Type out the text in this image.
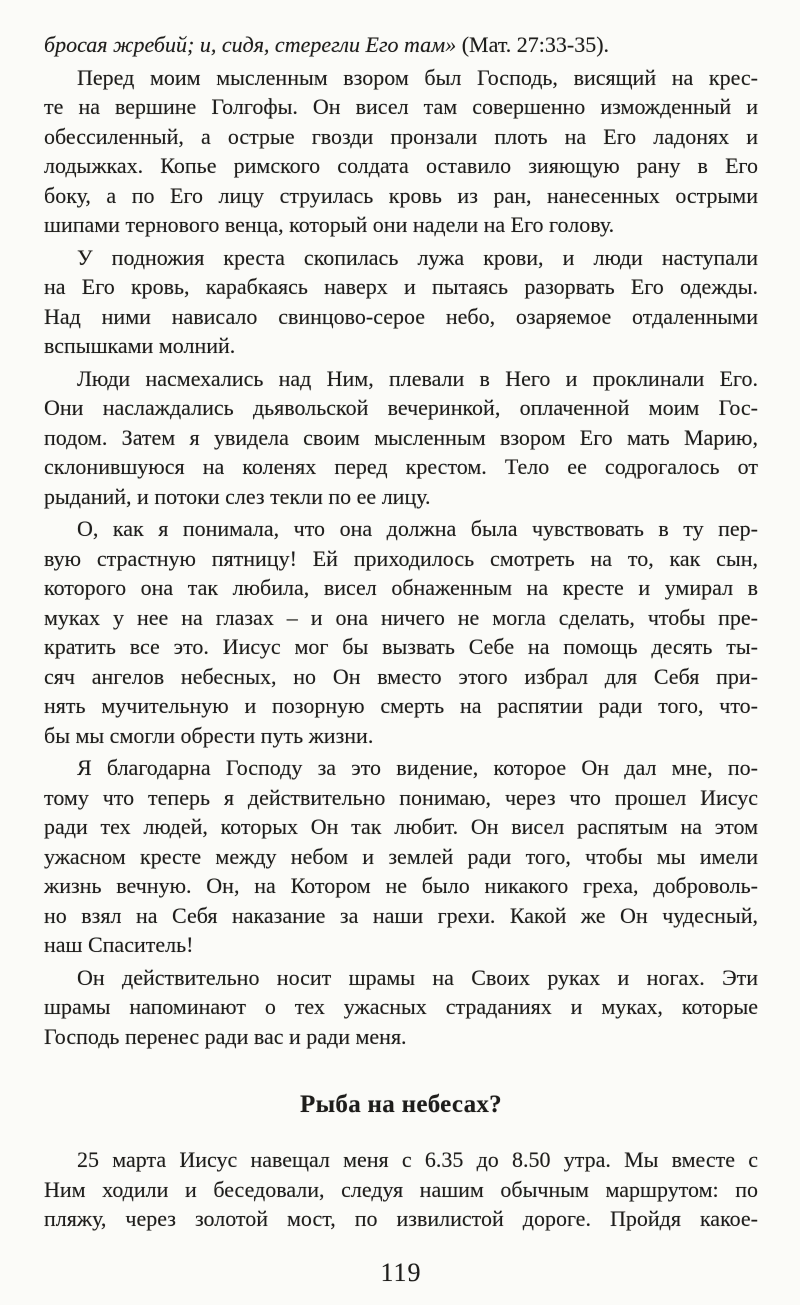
бросая жребий; и, сидя, стерегли Его там» (Мат. 27:33-35).

Перед моим мысленным взором был Господь, висящий на крес-
те на вершине Голгофы. Он висел там совершенно изможденный и
обессиленный, а острые гвозди пронзали плоть на Его ладонях и
лодыжках. Копье римского солдата оставило зияющую рану в Его
боку, а по Его лицу струилась кровь из ран, нанесенных острыми
шипами тернового венца, который они надели на Его голову.

У подножия креста скопилась лужа крови, и люди наступали
на Его кровь, карабкаясь наверх и пытаясь разорвать Его одежды.
Над ними нависало свинцово-серое небо, озаряемое отдаленными
вспышками молний.

Люди насмехались над Ним, плевали в Него и проклинали Его.
Они наслаждались дьявольской вечеринкой, оплаченной моим Гос-
подом. Затем я увидела своим мысленным взором Его мать Марию,
склонившуюся на коленях перед крестом. Тело ее содрогалось от
рыданий, и потоки слез текли по ее лицу.

О, как я понимала, что она должна была чувствовать в ту пер-
вую страстную пятницу! Ей приходилось смотреть на то, как сын,
которого она так любила, висел обнаженным на кресте и умирал в
муках у нее на глазах – и она ничего не могла сделать, чтобы пре-
кратить все это. Иисус мог бы вызвать Себе на помощь десять ты-
сяч ангелов небесных, но Он вместо этого избрал для Себя при-
нять мучительную и позорную смерть на распятии ради того, что-
бы мы смогли обрести путь жизни.

Я благодарна Господу за это видение, которое Он дал мне, по-
тому что теперь я действительно понимаю, через что прошел Иисус
ради тех людей, которых Он так любит. Он висел распятым на этом
ужасном кресте между небом и землей ради того, чтобы мы имели
жизнь вечную. Он, на Котором не было никакого греха, доброволь-
но взял на Себя наказание за наши грехи. Какой же Он чудесный,
наш Спаситель!

Он действительно носит шрамы на Своих руках и ногах. Эти
шрамы напоминают о тех ужасных страданиях и муках, которые
Господь перенес ради вас и ради меня.

Рыба на небесах?

25 марта Иисус навещал меня с 6.35 до 8.50 утра. Мы вместе с
Ним ходили и беседовали, следуя нашим обычным маршрутом: по
пляжу, через золотой мост, по извилистой дороге. Пройдя какое-

119
